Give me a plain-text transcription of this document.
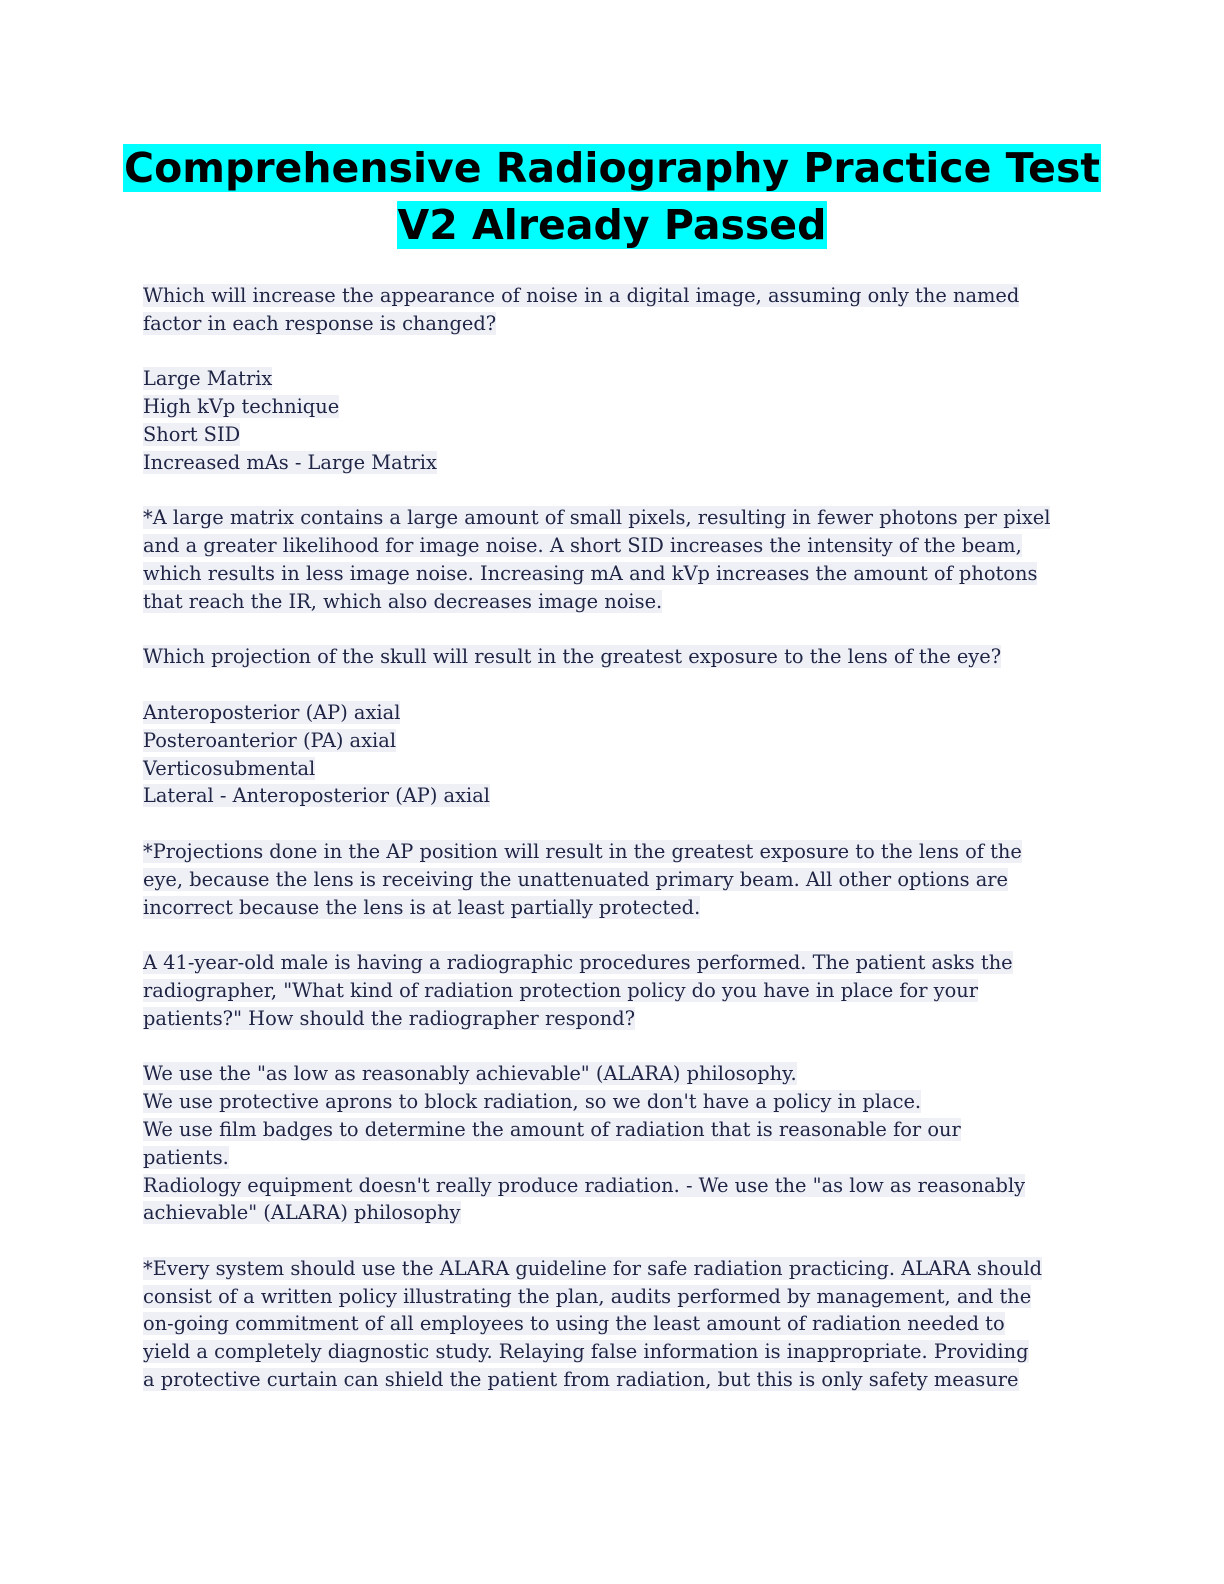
Comprehensive Radiography Practice Test
V2 Already Passed
Which will increase the appearance of noise in a digital image, assuming only the named
factor in each response is changed?
Large Matrix
High kVp technique
Short SID
Increased mAs - Large Matrix
*A large matrix contains a large amount of small pixels, resulting in fewer photons per pixel
and a greater likelihood for image noise. A short SID increases the intensity of the beam,
which results in less image noise. Increasing mA and kVp increases the amount of photons
that reach the IR, which also decreases image noise.
Which projection of the skull will result in the greatest exposure to the lens of the eye?
Anteroposterior (AP) axial
Posteroanterior (PA) axial
Verticosubmental
Lateral - Anteroposterior (AP) axial
*Projections done in the AP position will result in the greatest exposure to the lens of the
eye, because the lens is receiving the unattenuated primary beam. All other options are
incorrect because the lens is at least partially protected.
A 41-year-old male is having a radiographic procedures performed. The patient asks the
radiographer, "What kind of radiation protection policy do you have in place for your
patients?" How should the radiographer respond?
We use the "as low as reasonably achievable" (ALARA) philosophy.
We use protective aprons to block radiation, so we don't have a policy in place.
We use film badges to determine the amount of radiation that is reasonable for our
patients.
Radiology equipment doesn't really produce radiation. - We use the "as low as reasonably
achievable" (ALARA) philosophy
*Every system should use the ALARA guideline for safe radiation practicing. ALARA should
consist of a written policy illustrating the plan, audits performed by management, and the
on-going commitment of all employees to using the least amount of radiation needed to
yield a completely diagnostic study. Relaying false information is inappropriate. Providing
a protective curtain can shield the patient from radiation, but this is only safety measure
